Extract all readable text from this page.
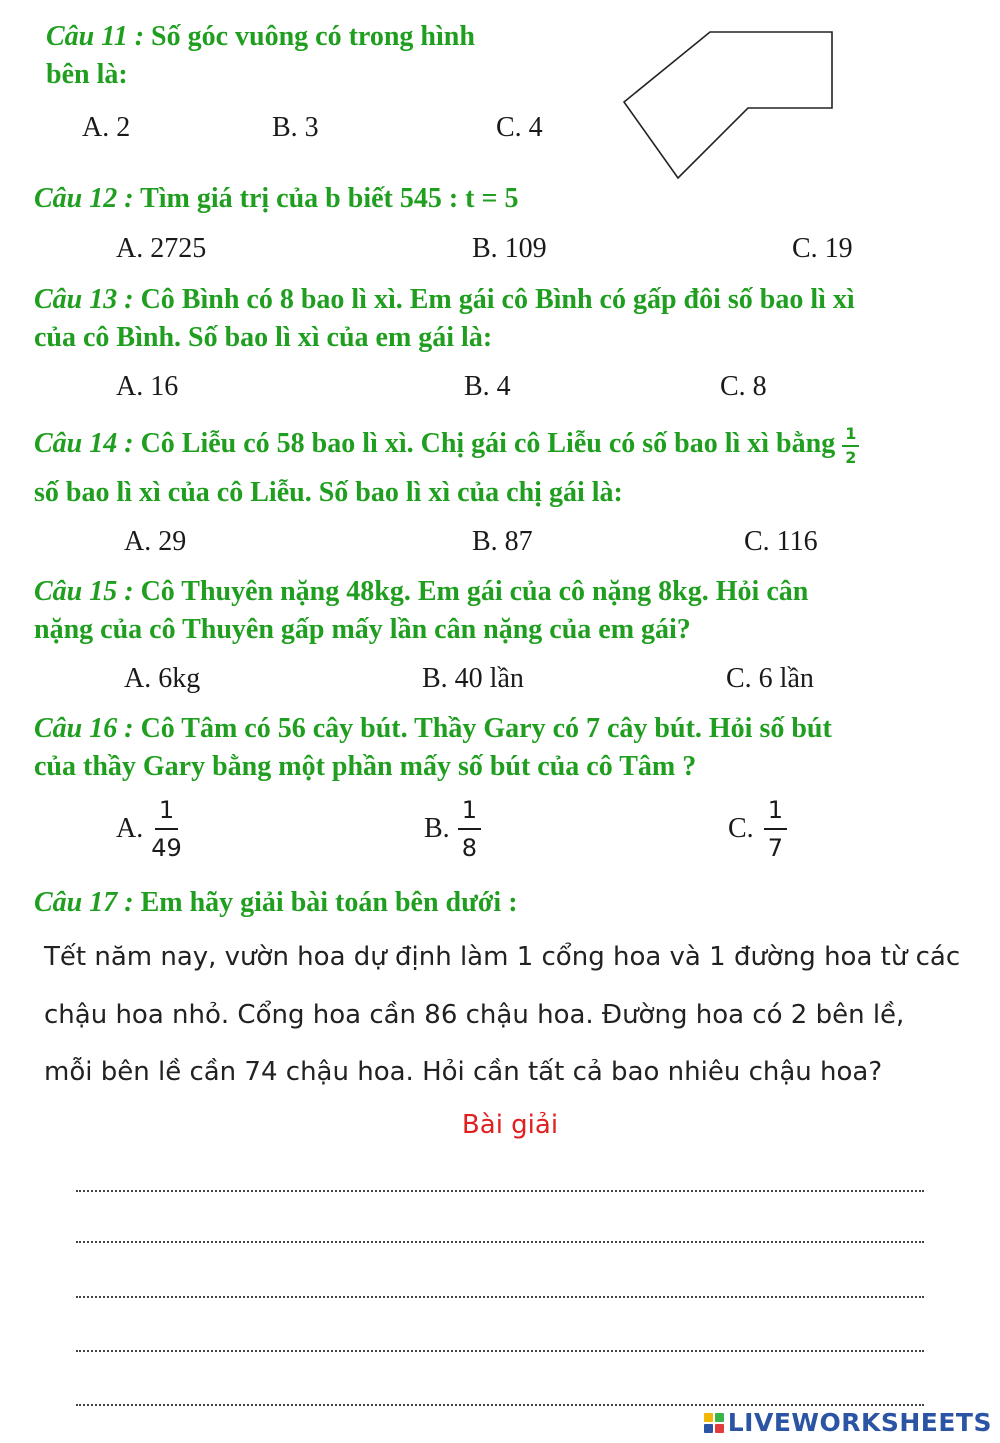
Câu 11 : Số góc vuông có trong hình
bên là:
A. 2	B. 3	C. 4
Câu 12 : Tìm giá trị của b biết 545 : t = 5
A. 2725	B. 109	C. 19
Câu 13 : Cô Bình có 8 bao lì xì. Em gái cô Bình có gấp đôi số bao lì xì
của cô Bình. Số bao lì xì của em gái là:
A. 16	B. 4	C. 8
Câu 14 : Cô Liễu có 58 bao lì xì. Chị gái cô Liễu có số bao lì xì bằng $\frac{1}{2}$
số bao lì xì của cô Liễu. Số bao lì xì của chị gái là:
A. 29	B. 87	C. 116
Câu 15 : Cô Thuyên nặng 48kg. Em gái của cô nặng 8kg. Hỏi cân
nặng của cô Thuyên gấp mấy lần cân nặng của em gái?
A. 6kg	B. 40 lần	C. 6 lần
Câu 16 : Cô Tâm có 56 cây bút. Thầy Gary có 7 cây bút. Hỏi số bút
của thầy Gary bằng một phần mấy số bút của cô Tâm ?
A. $\frac{1}{49}$	B. $\frac{1}{8}$	C. $\frac{1}{7}$
Câu 17 : Em hãy giải bài toán bên dưới :
Tết năm nay, vườn hoa dự định làm 1 cổng hoa và 1 đường hoa từ các
chậu hoa nhỏ. Cổng hoa cần 86 chậu hoa. Đường hoa có 2 bên lề,
mỗi bên lề cần 74 chậu hoa. Hỏi cần tất cả bao nhiêu chậu hoa?
Bài giải
LIVEWORKSHEETS
